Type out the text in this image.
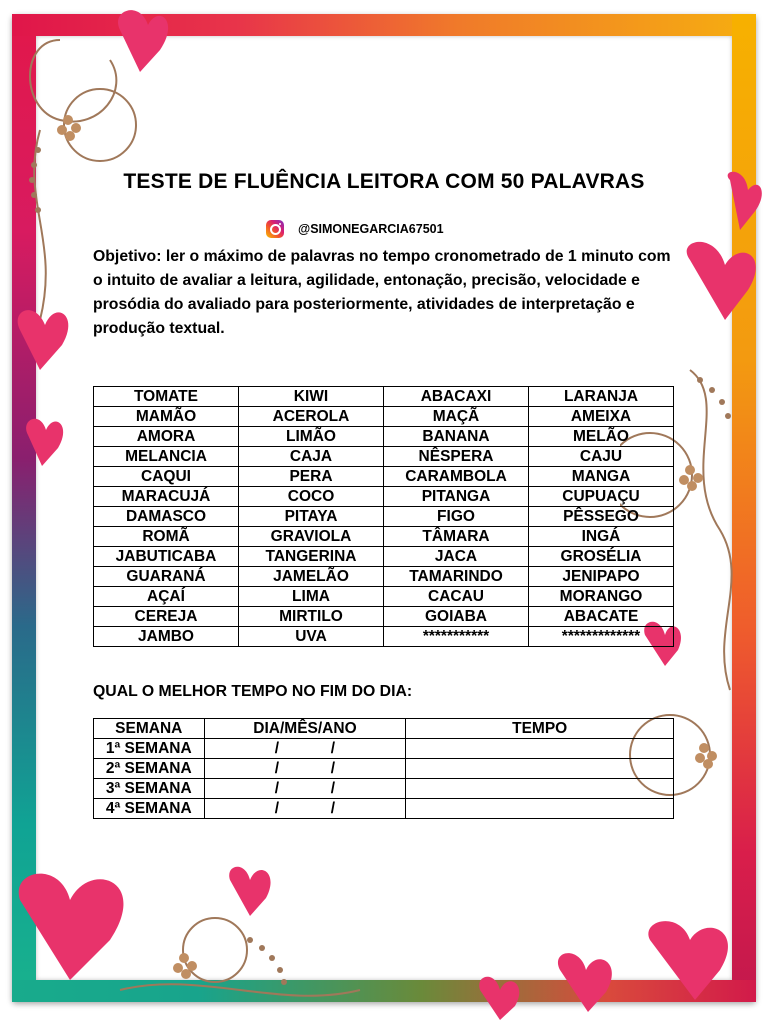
TESTE DE FLUÊNCIA LEITORA COM 50 PALAVRAS
@SIMONEGARCIA67501
Objetivo: ler o máximo de palavras no tempo cronometrado de 1 minuto com o intuito de avaliar a leitura, agilidade, entonação, precisão, velocidade e prosódia do avaliado para posteriormente, atividades de interpretação e produção textual.
TOMATE	KIWI	ABACAXI	LARANJA
MAMÃO	ACEROLA	MAÇÃ	AMEIXA
AMORA	LIMÃO	BANANA	MELÃO
MELANCIA	CAJA	NÊSPERA	CAJU
CAQUI	PERA	CARAMBOLA	MANGA
MARACUJÁ	COCO	PITANGA	CUPUAÇU
DAMASCO	PITAYA	FIGO	PÊSSEGO
ROMÃ	GRAVIOLA	TÂMARA	INGÁ
JABUTICABA	TANGERINA	JACA	GROSÉLIA
GUARANÁ	JAMELÃO	TAMARINDO	JENIPAPO
AÇAÍ	LIMA	CACAU	MORANGO
CEREJA	MIRTILO	GOIABA	ABACATE
JAMBO	UVA	***********	*************
QUAL O MELHOR TEMPO NO FIM DO DIA:
SEMANA	DIA/MÊS/ANO	TEMPO
1ª SEMANA	/ /	
2ª SEMANA	/ /	
3ª SEMANA	/ /	
4ª SEMANA	/ /	
